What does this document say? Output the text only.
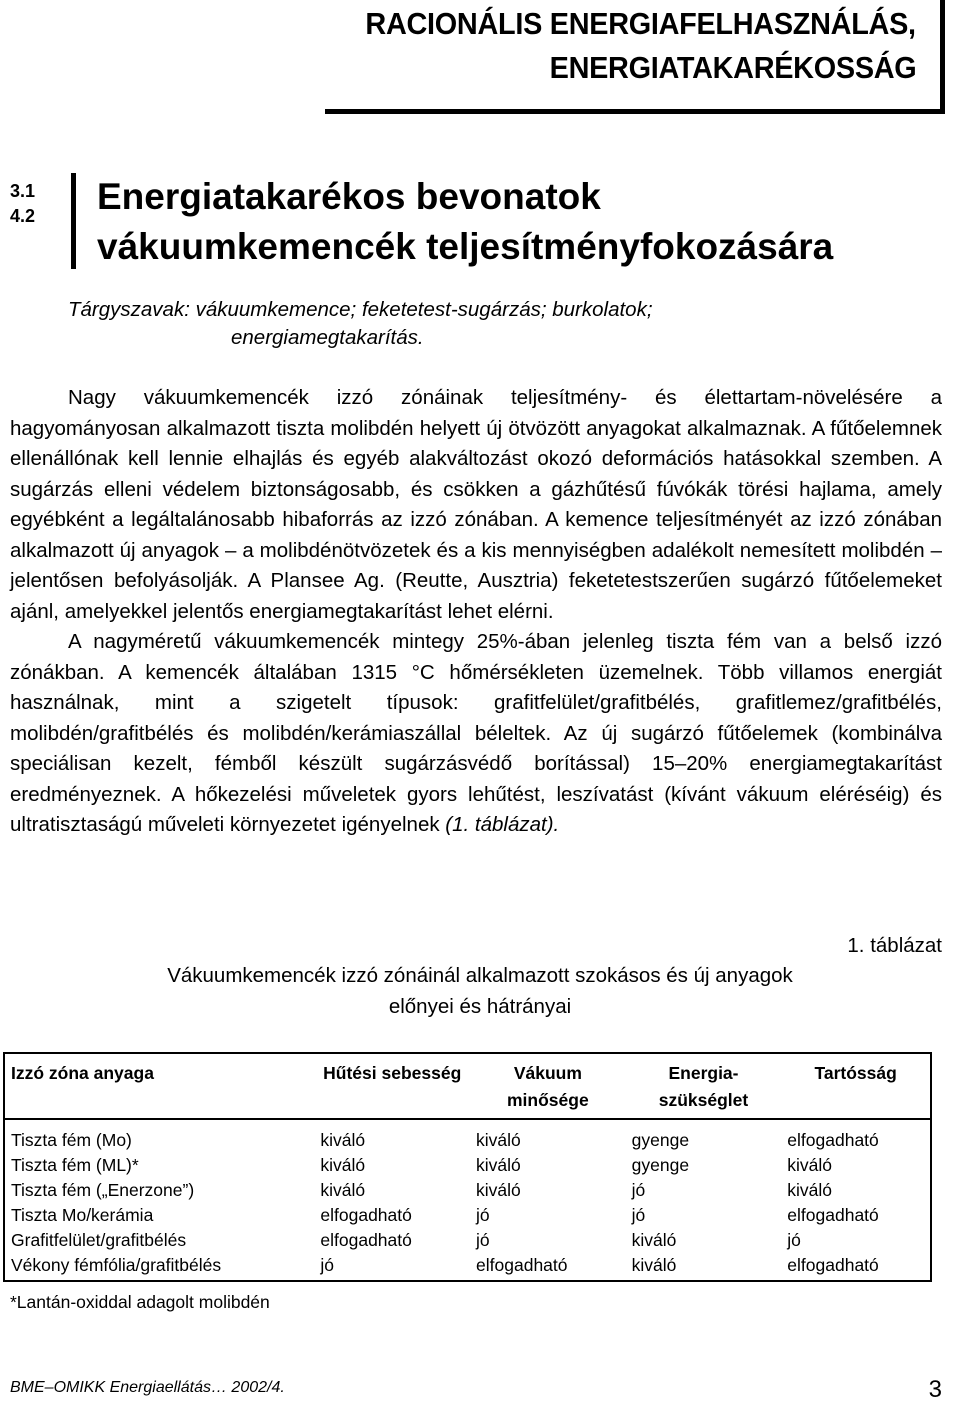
RACIONÁLIS ENERGIAFELHASZNÁLÁS,
ENERGIATAKARÉKOSSÁG
3.1
4.2 Energiatakarékos bevonatok
vákuumkemencék teljesítményfokozására
Tárgyszavak: vákuumkemence; feketetest-sugárzás; burkolatok;
energiamegtakarítás.

Nagy vákuumkemencék izzó zónáinak teljesítmény- és élettartam-növelésére a hagyományosan alkalmazott tiszta molibdén helyett új ötvözött anyagokat alkalmaznak. A fűtőelemnek ellenállónak kell lennie elhajlás és egyéb alakváltozást okozó deformációs hatásokkal szemben. A sugárzás elleni védelem biztonságosabb, és csökken a gázhűtésű fúvókák törési hajlama, amely egyébként a legáltalánosabb hibaforrás az izzó zónában. A kemence teljesítményét az izzó zónában alkalmazott új anyagok – a molibdénötvözetek és a kis mennyiségben adalékolt nemesített molibdén – jelentősen befolyásolják. A Plansee Ag. (Reutte, Ausztria) feketetestszerűen sugárzó fűtőelemeket ajánl, amelyekkel jelentős energiamegtakarítást lehet elérni.

A nagyméretű vákuumkemencék mintegy 25%-ában jelenleg tiszta fém van a belső izzó zónákban. A kemencék általában 1315 °C hőmérsékleten üzemelnek. Több villamos energiát használnak, mint a szigetelt típusok: grafitfelület/grafitbélés, grafitlemez/grafitbélés, molibdén/grafitbélés és molibdén/kerámiaszállal béleltek. Az új sugárzó fűtőelemek (kombinálva speciálisan kezelt, fémből készült sugárzásvédő borítással) 15–20% energiamegtakarítást eredményeznek. A hőkezelési műveletek gyors lehűtést, leszívatást (kívánt vákuum eléréséig) és ultratisztaságú műveleti környezetet igényelnek (1. táblázat).

1. táblázat
Vákuumkemencék izzó zónáinál alkalmazott szokásos és új anyagok
előnyei és hátrányai
Izzó zóna anyaga	Hűtési sebesség	Vákuum minősége	Energia-szükséglet	Tartósság
Tiszta fém (Mo)	kiváló	kiváló	gyenge	elfogadható
Tiszta fém (ML)*	kiváló	kiváló	gyenge	kiváló
Tiszta fém („Enerzone”)	kiváló	kiváló	jó	kiváló
Tiszta Mo/kerámia	elfogadható	jó	jó	elfogadható
Grafitfelület/grafitbélés	elfogadható	jó	kiváló	jó
Vékony fémfólia/grafitbélés	jó	elfogadható	kiváló	elfogadható
*Lantán-oxiddal adagolt molibdén
BME–OMIKK Energiaellátás… 2002/4.	3
